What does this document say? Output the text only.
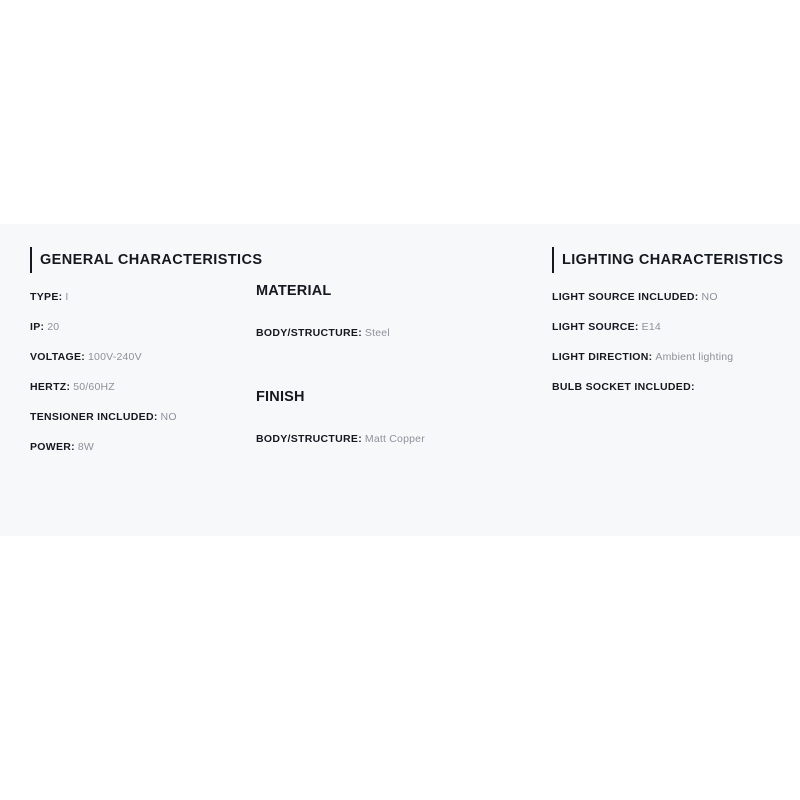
GENERAL CHARACTERISTICS
TYPE: I
IP: 20
VOLTAGE: 100V-240V
HERTZ: 50/60HZ
TENSIONER INCLUDED: NO
POWER: 8W
MATERIAL
BODY/STRUCTURE: Steel
FINISH
BODY/STRUCTURE: Matt Copper
LIGHTING CHARACTERISTICS
LIGHT SOURCE INCLUDED: NO
LIGHT SOURCE: E14
LIGHT DIRECTION: Ambient lighting
BULB SOCKET INCLUDED:
